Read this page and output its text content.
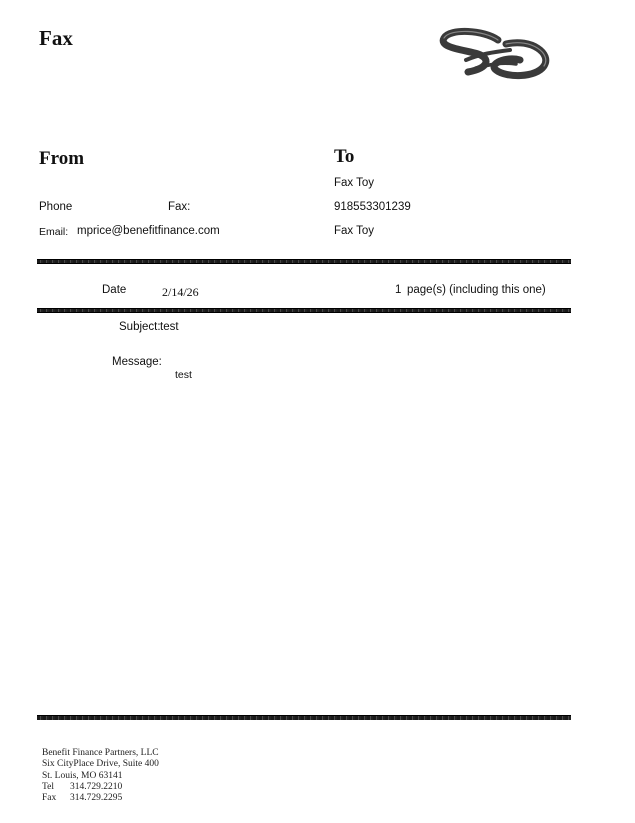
Fax
From	To
Fax Toy
918553301239
Fax Toy
Phone	Fax:
Email: mprice@benefitfinance.com
Date	2/14/26	1 page(s) (including this one)
Subject: test
Message:
test
Benefit Finance Partners, LLC
Six CityPlace Drive, Suite 400
St. Louis, MO 63141
Tel 314.729.2210
Fax 314.729.2295
